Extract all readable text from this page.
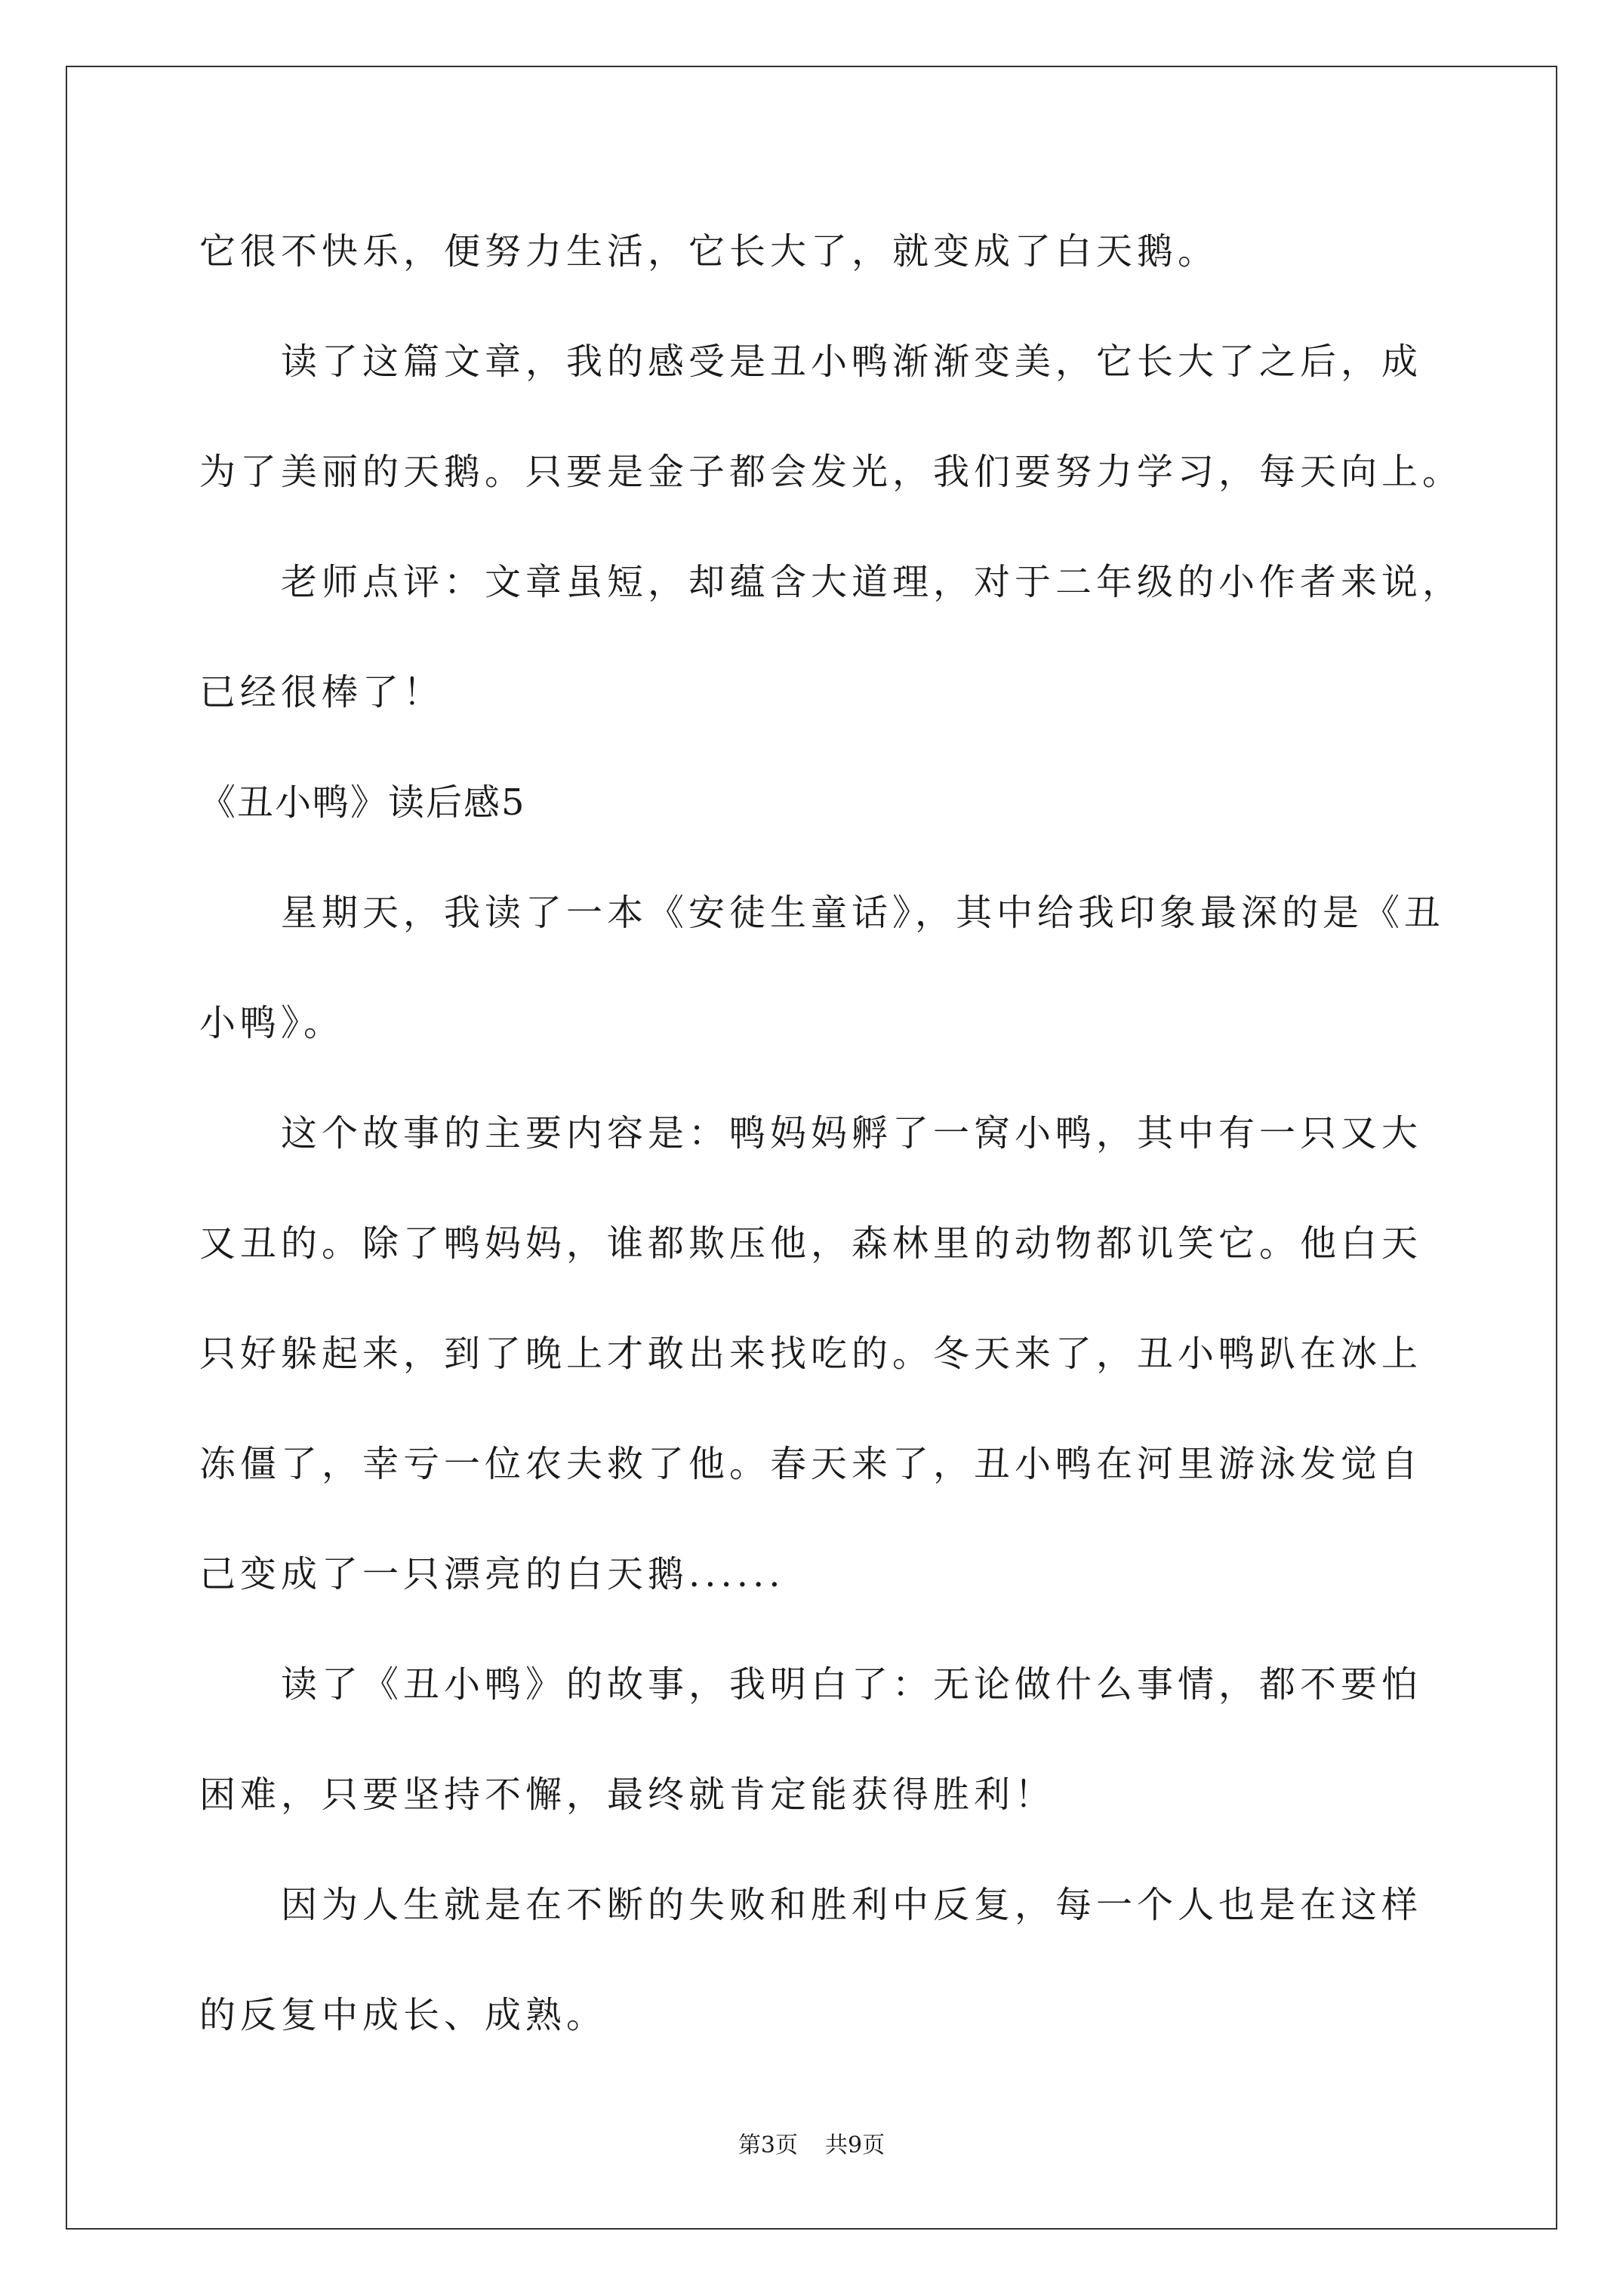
它很不快乐，便努力生活，它长大了，就变成了白天鹅。

读了这篇文章，我的感受是丑小鸭渐渐变美，它长大了之后，成

为了美丽的天鹅。只要是金子都会发光，我们要努力学习，每天向上。

老师点评：文章虽短，却蕴含大道理，对于二年级的小作者来说，

已经很棒了！

《丑小鸭》读后感5

星期天，我读了一本《安徒生童话》，其中给我印象最深的是《丑

小鸭》。

这个故事的主要内容是：鸭妈妈孵了一窝小鸭，其中有一只又大

又丑的。除了鸭妈妈，谁都欺压他，森林里的动物都讥笑它。他白天

只好躲起来，到了晚上才敢出来找吃的。冬天来了，丑小鸭趴在冰上

冻僵了，幸亏一位农夫救了他。春天来了，丑小鸭在河里游泳发觉自

己变成了一只漂亮的白天鹅......

读了《丑小鸭》的故事，我明白了：无论做什么事情，都不要怕

困难，只要坚持不懈，最终就肯定能获得胜利！

因为人生就是在不断的失败和胜利中反复，每一个人也是在这样

的反复中成长、成熟。

第3页 共9页
